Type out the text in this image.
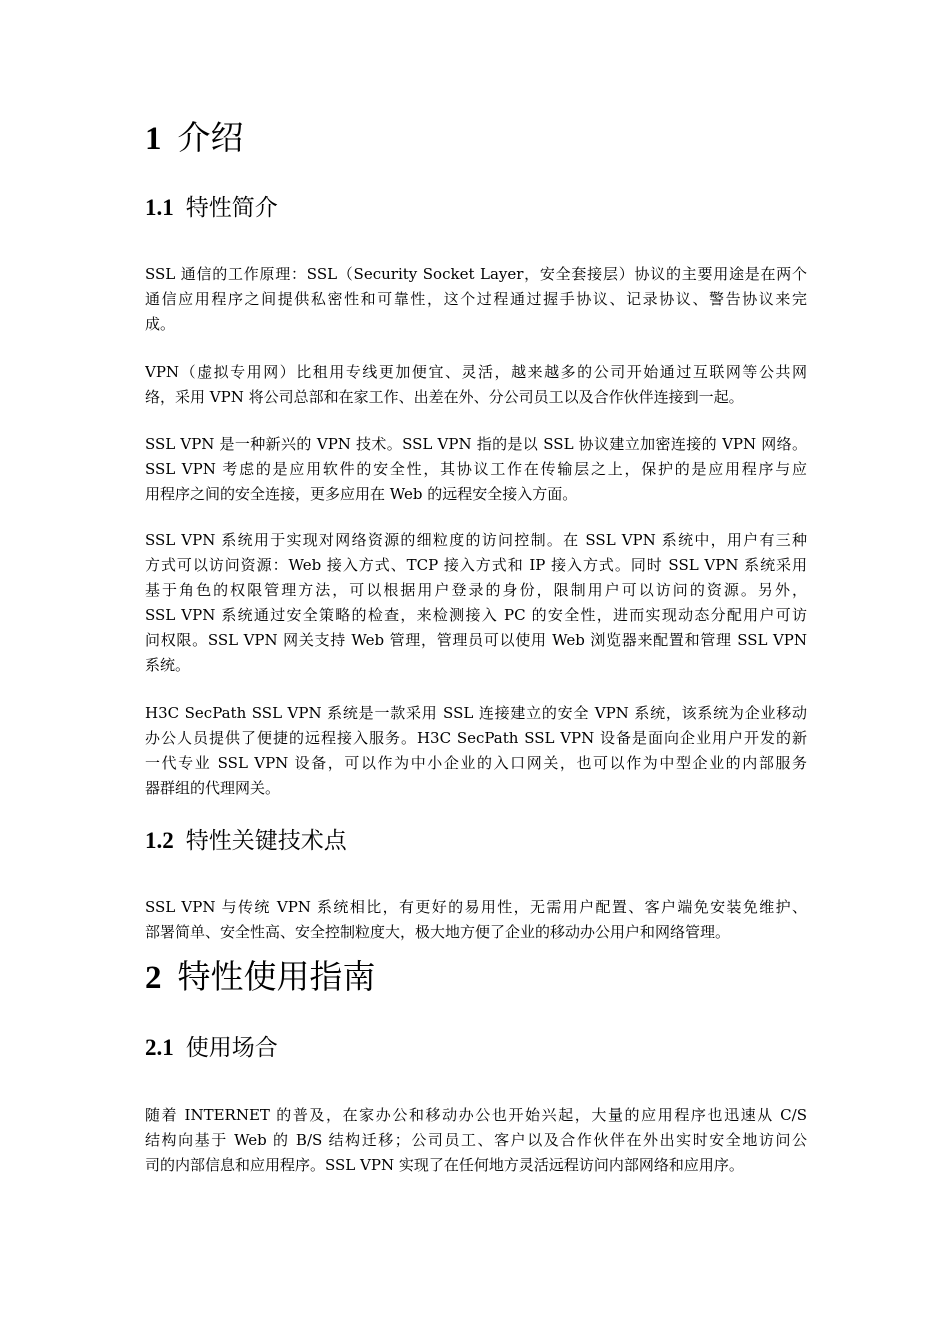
1 介绍
1.1 特性简介
SSL 通信的工作原理：SSL（Security Socket Layer，安全套接层）协议的主要用途是在两个
通信应用程序之间提供私密性和可靠性，这个过程通过握手协议、记录协议、警告协议来完
成。
VPN（虚拟专用网）比租用专线更加便宜、灵活，越来越多的公司开始通过互联网等公共网
络，采用 VPN 将公司总部和在家工作、出差在外、分公司员工以及合作伙伴连接到一起。
SSL VPN 是一种新兴的 VPN 技术。SSL VPN 指的是以 SSL 协议建立加密连接的 VPN 网络。
SSL VPN 考虑的是应用软件的安全性，其协议工作在传输层之上，保护的是应用程序与应
用程序之间的安全连接，更多应用在 Web 的远程安全接入方面。
SSL VPN 系统用于实现对网络资源的细粒度的访问控制。在 SSL VPN 系统中，用户有三种
方式可以访问资源：Web 接入方式、TCP 接入方式和 IP 接入方式。同时 SSL VPN 系统采用
基于角色的权限管理方法，可以根据用户登录的身份，限制用户可以访问的资源。另外，
SSL VPN 系统通过安全策略的检查，来检测接入 PC 的安全性，进而实现动态分配用户可访
问权限。SSL VPN 网关支持 Web 管理，管理员可以使用 Web 浏览器来配置和管理 SSL VPN
系统。
H3C SecPath SSL VPN 系统是一款采用 SSL 连接建立的安全 VPN 系统，该系统为企业移动
办公人员提供了便捷的远程接入服务。H3C SecPath SSL VPN 设备是面向企业用户开发的新
一代专业 SSL VPN 设备，可以作为中小企业的入口网关，也可以作为中型企业的内部服务
器群组的代理网关。
1.2 特性关键技术点
SSL VPN 与传统 VPN 系统相比，有更好的易用性，无需用户配置、客户端免安装免维护、
部署简单、安全性高、安全控制粒度大，极大地方便了企业的移动办公用户和网络管理。
2 特性使用指南
2.1 使用场合
随着 INTERNET 的普及，在家办公和移动办公也开始兴起，大量的应用程序也迅速从 C/S
结构向基于 Web 的 B/S 结构迁移；公司员工、客户以及合作伙伴在外出实时安全地访问公
司的内部信息和应用程序。SSL VPN 实现了在任何地方灵活远程访问内部网络和应用序。
